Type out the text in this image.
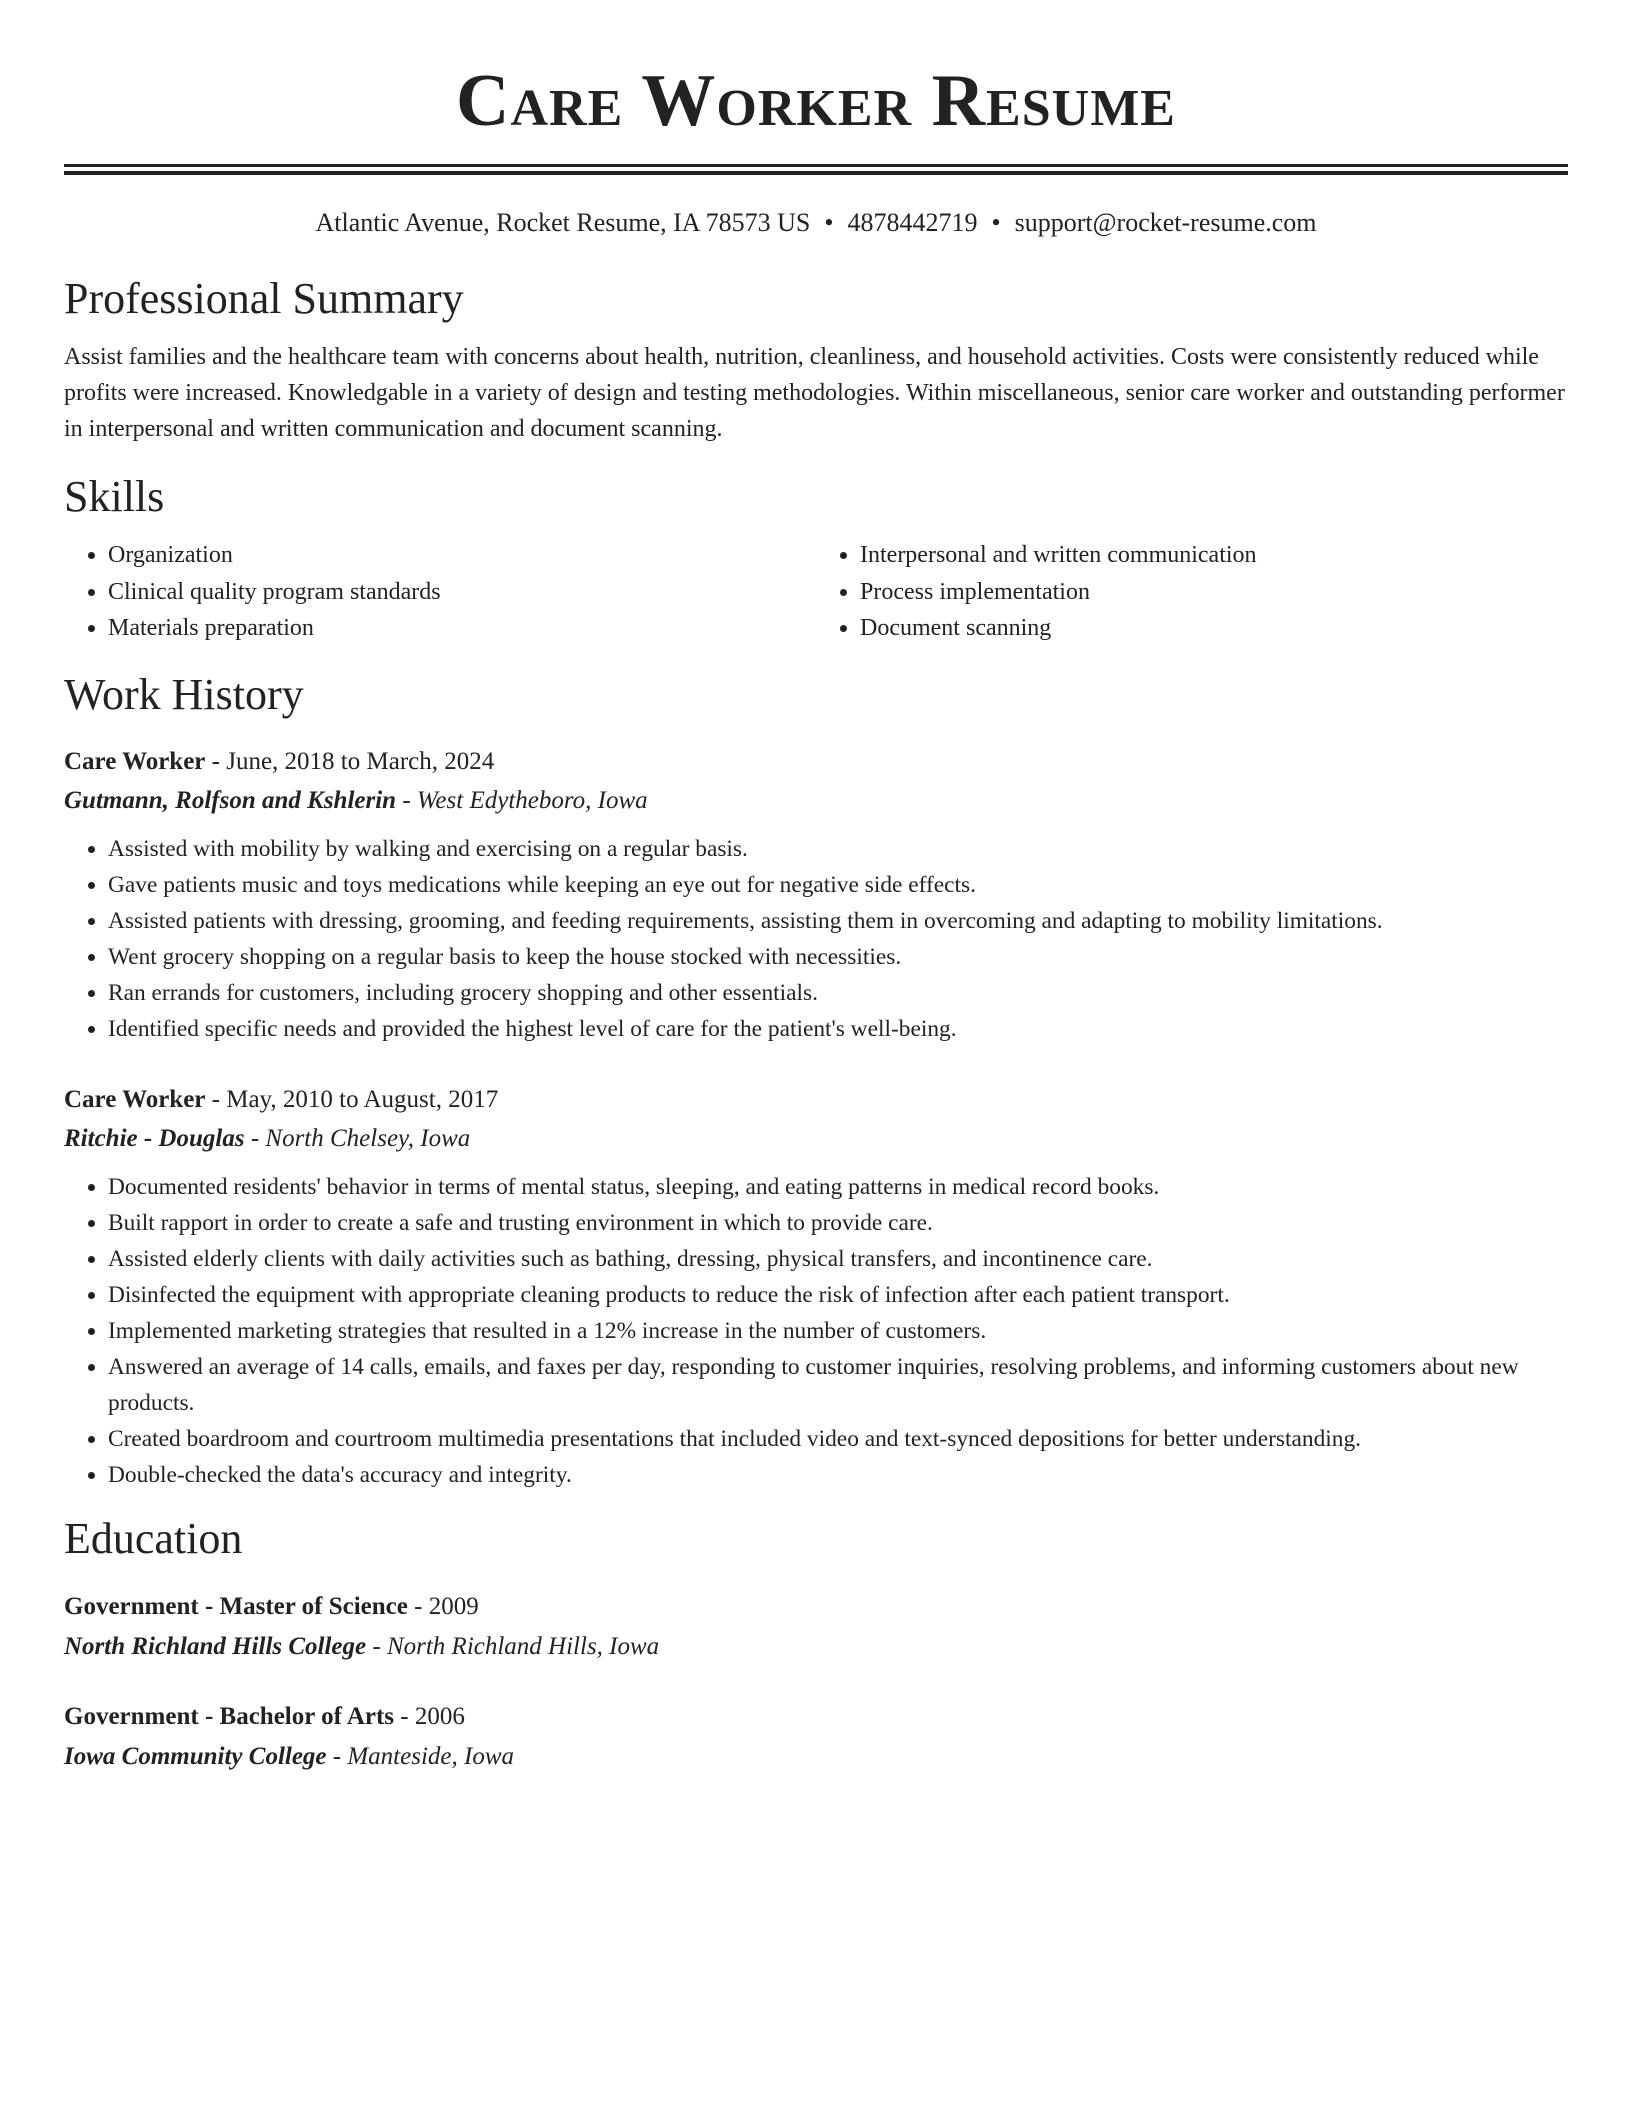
Care Worker Resume
Atlantic Avenue, Rocket Resume, IA 78573 US • 4878442719 • support@rocket-resume.com
Professional Summary

Assist families and the healthcare team with concerns about health, nutrition, cleanliness, and household activities. Costs were consistently reduced while profits were increased. Knowledgable in a variety of design and testing methodologies. Within miscellaneous, senior care worker and outstanding performer in interpersonal and written communication and document scanning.

Skills
• Organization
• Clinical quality program standards
• Materials preparation
• Interpersonal and written communication
• Process implementation
• Document scanning
Work History
Care Worker - June, 2018 to March, 2024
Gutmann, Rolfson and Kshlerin - West Edytheboro, Iowa
• Assisted with mobility by walking and exercising on a regular basis.
• Gave patients music and toys medications while keeping an eye out for negative side effects.
• Assisted patients with dressing, grooming, and feeding requirements, assisting them in overcoming and adapting to mobility limitations.
• Went grocery shopping on a regular basis to keep the house stocked with necessities.
• Ran errands for customers, including grocery shopping and other essentials.
• Identified specific needs and provided the highest level of care for the patient's well-being.
Care Worker - May, 2010 to August, 2017
Ritchie - Douglas - North Chelsey, Iowa
• Documented residents' behavior in terms of mental status, sleeping, and eating patterns in medical record books.
• Built rapport in order to create a safe and trusting environment in which to provide care.
• Assisted elderly clients with daily activities such as bathing, dressing, physical transfers, and incontinence care.
• Disinfected the equipment with appropriate cleaning products to reduce the risk of infection after each patient transport.
• Implemented marketing strategies that resulted in a 12% increase in the number of customers.
• Answered an average of 14 calls, emails, and faxes per day, responding to customer inquiries, resolving problems, and informing customers about new products.
• Created boardroom and courtroom multimedia presentations that included video and text-synced depositions for better understanding.
• Double-checked the data's accuracy and integrity.
Education
Government - Master of Science - 2009
North Richland Hills College - North Richland Hills, Iowa
Government - Bachelor of Arts - 2006
Iowa Community College - Manteside, Iowa
